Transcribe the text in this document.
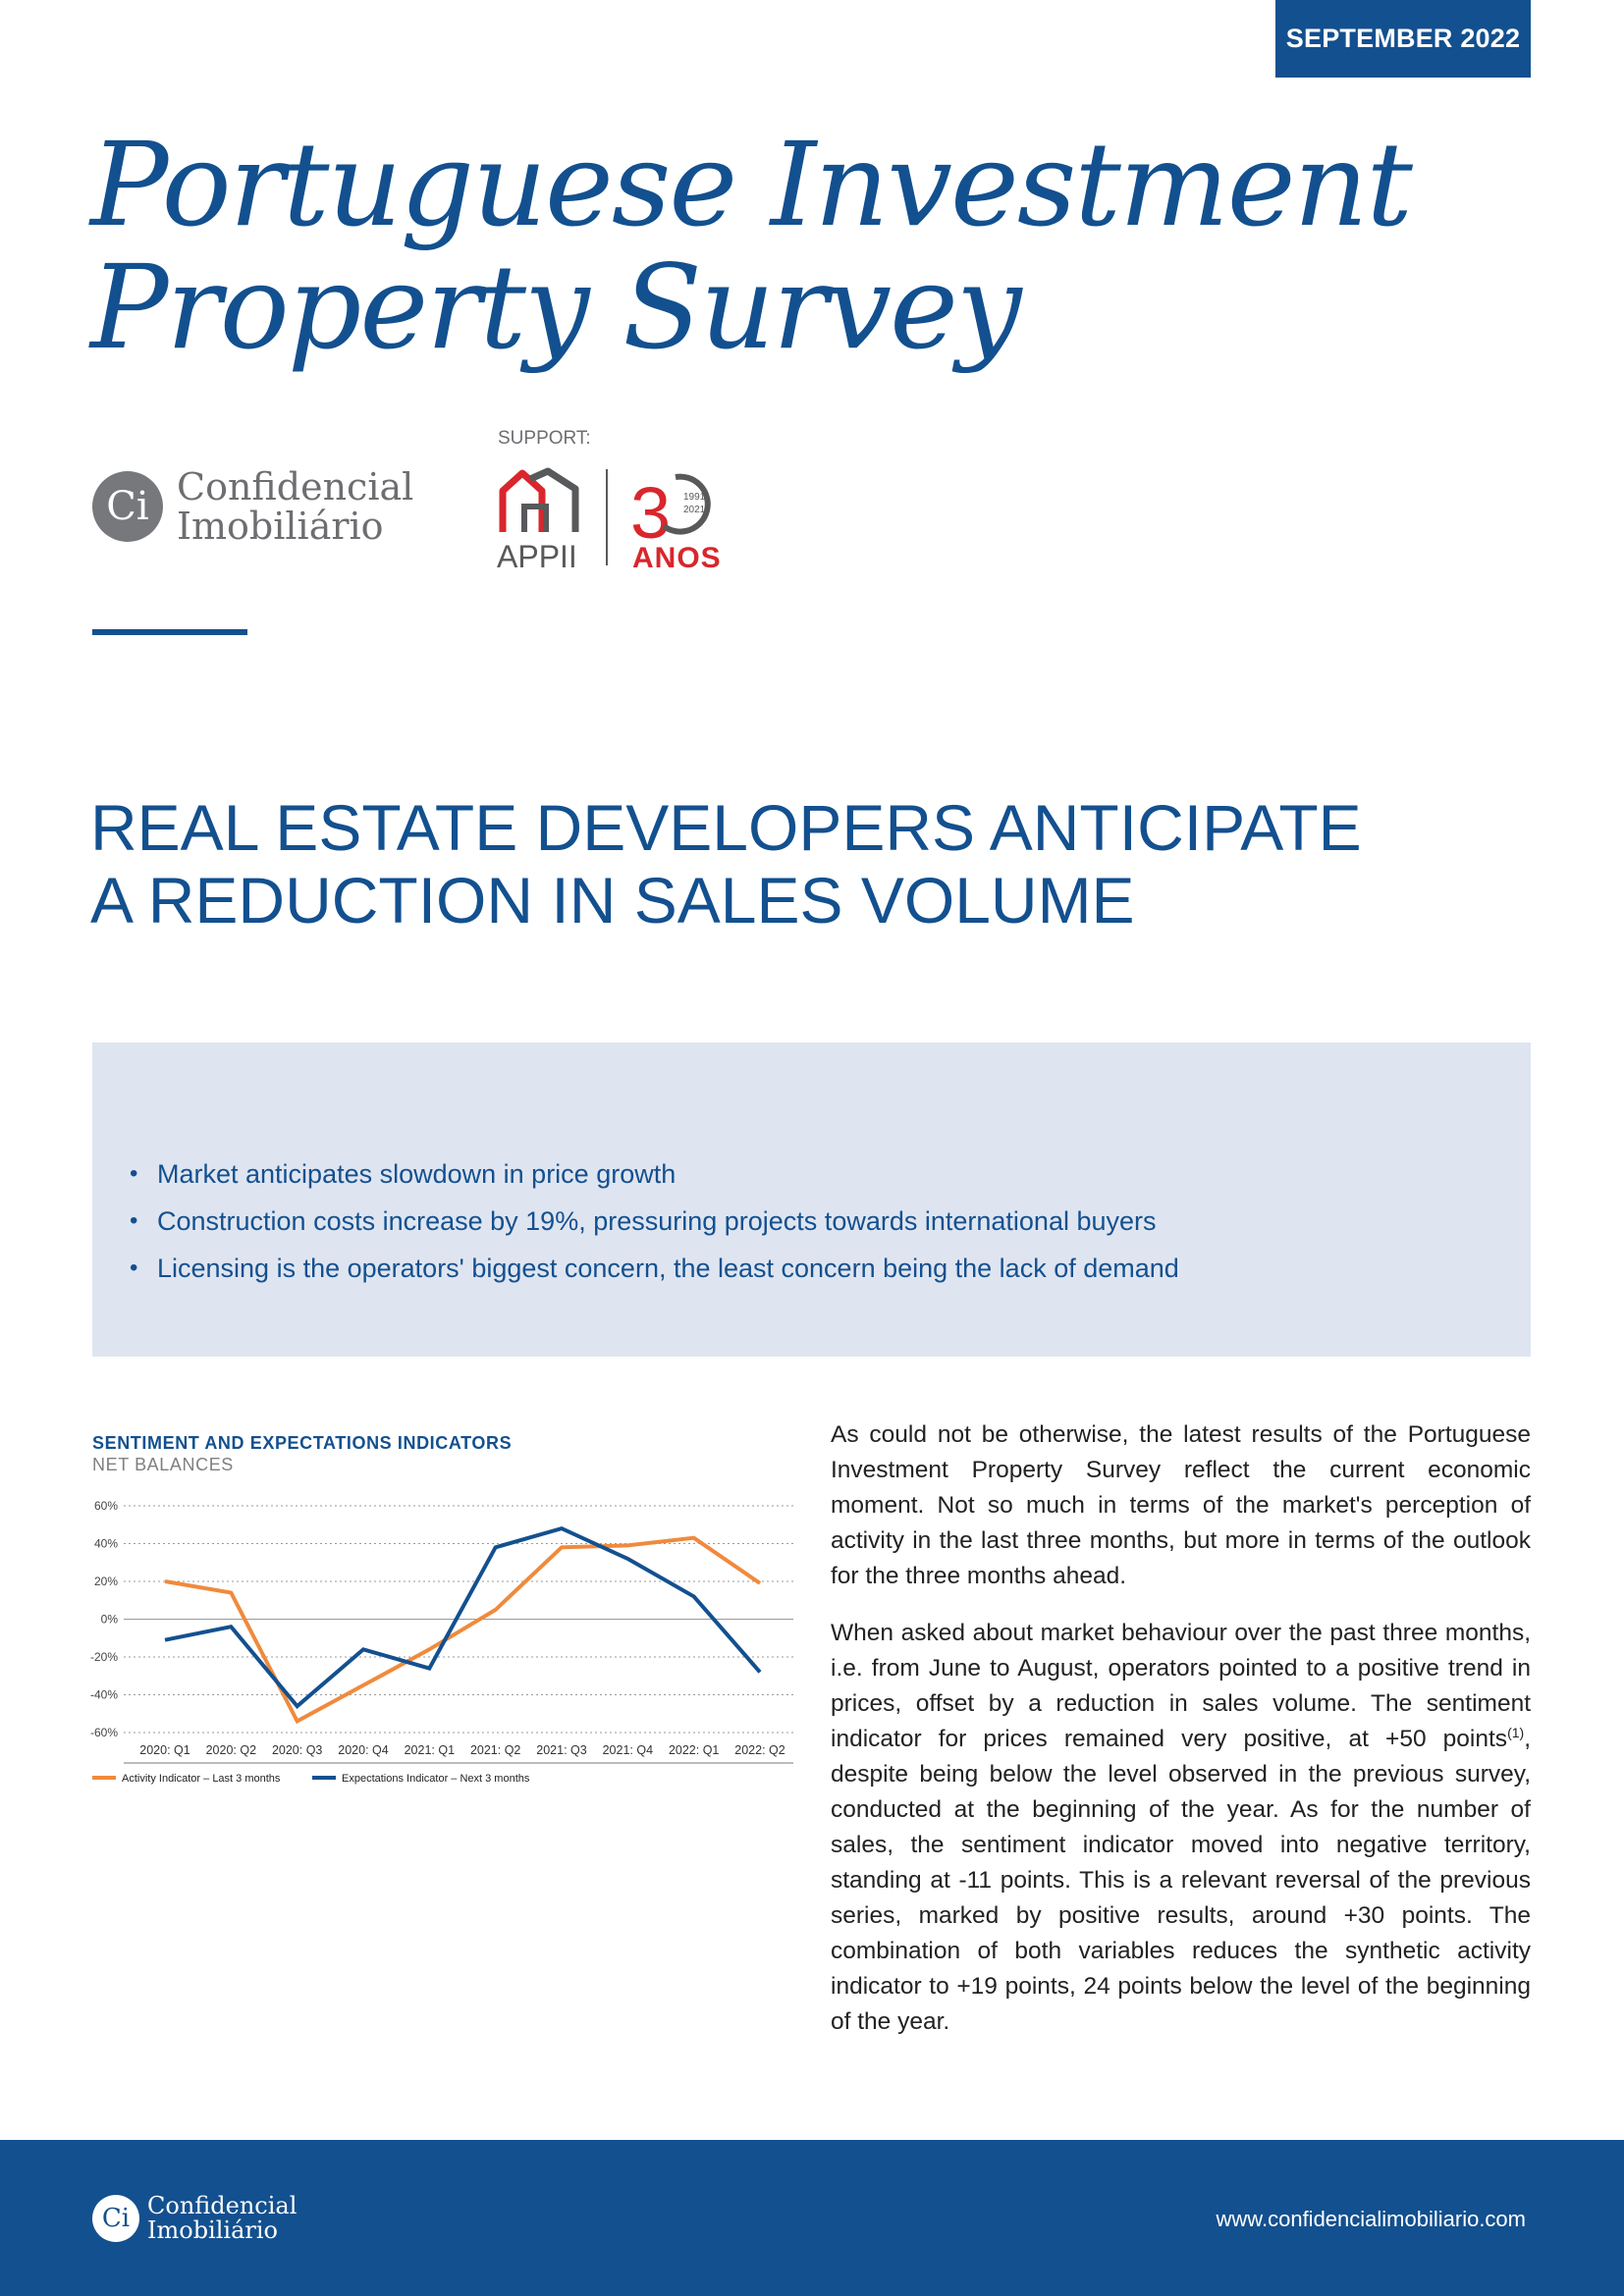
SEPTEMBER 2022
Portuguese Investment
Property Survey
Ci Confidencial
Imobiliário
SUPPORT:
APPII
3 1991
2021
ANOS
REAL ESTATE DEVELOPERS ANTICIPATE
A REDUCTION IN SALES VOLUME
• Market anticipates slowdown in price growth
• Construction costs increase by 19%, pressuring projects towards international buyers
• Licensing is the operators' biggest concern, the least concern being the lack of demand
SENTIMENT AND EXPECTATIONS INDICATORS
NET BALANCES
60%
40%
20%
0%
-20%
-40%
-60%
2020: Q1 2020: Q2 2020: Q3 2020: Q4 2021: Q1 2021: Q2 2021: Q3 2021: Q4 2022: Q1 2022: Q2
Activity Indicator – Last 3 months	Expectations Indicator – Next 3 months

As could not be otherwise, the latest results of the Portuguese Investment Property Survey reflect the current economic moment. Not so much in terms of the market's perception of activity in the last three months, but more in terms of the outlook for the three months ahead.

When asked about market behaviour over the past three months, i.e. from June to August, operators pointed to a positive trend in prices, offset by a reduction in sales volume. The sentiment indicator for prices remained very positive, at +50 points$^{(1)}$, despite being below the level observed in the previous survey, conducted at the beginning of the year. As for the number of sales, the sentiment indicator moved into negative territory, standing at -11 points. This is a relevant reversal of the previous series, marked by positive results, around +30 points. The combination of both variables reduces the synthetic activity indicator to +19 points, 24 points below the level of the beginning of the year.

Ci Confidencial
Imobiliário	www.confidencialimobiliario.com
